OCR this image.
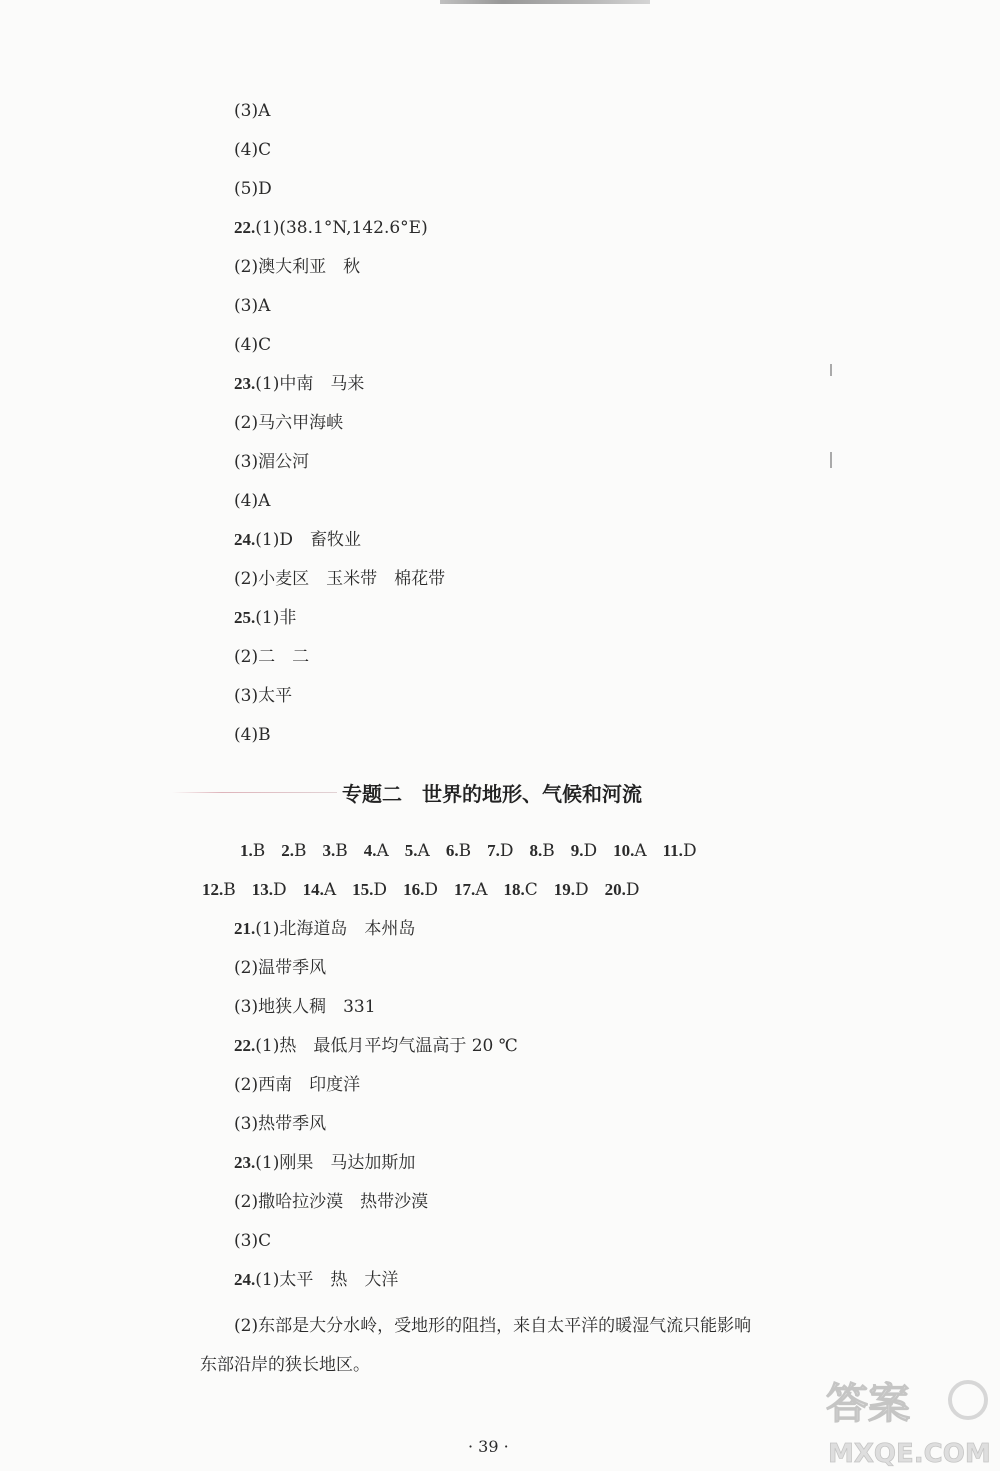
(3)A
(4)C
(5)D
22.(1)(38.1°N,142.6°E)
(2)澳大利亚　秋
(3)A
(4)C
23.(1)中南　马来
(2)马六甲海峡
(3)湄公河
(4)A
24.(1)D　畜牧业
(2)小麦区　玉米带　棉花带
25.(1)非
(2)二　二
(3)太平
(4)B
专题二　世界的地形、气候和河流
1.B 2.B 3.B 4.A 5.A 6.B 7.D 8.B 9.D 10.A 11.D
12.B 13.D 14.A 15.D 16.D 17.A 18.C 19.D 20.D
21.(1)北海道岛　本州岛
(2)温带季风
(3)地狭人稠　331
22.(1)热　最低月平均气温高于 20 ℃
(2)西南　印度洋
(3)热带季风
23.(1)刚果　马达加斯加
(2)撒哈拉沙漠　热带沙漠
(3)C
24.(1)太平　热　大洋
(2)东部是大分水岭，受地形的阻挡，来自太平洋的暖湿气流只能影响
东部沿岸的狭长地区。
· 39 ·
答案
MXQE.COM
